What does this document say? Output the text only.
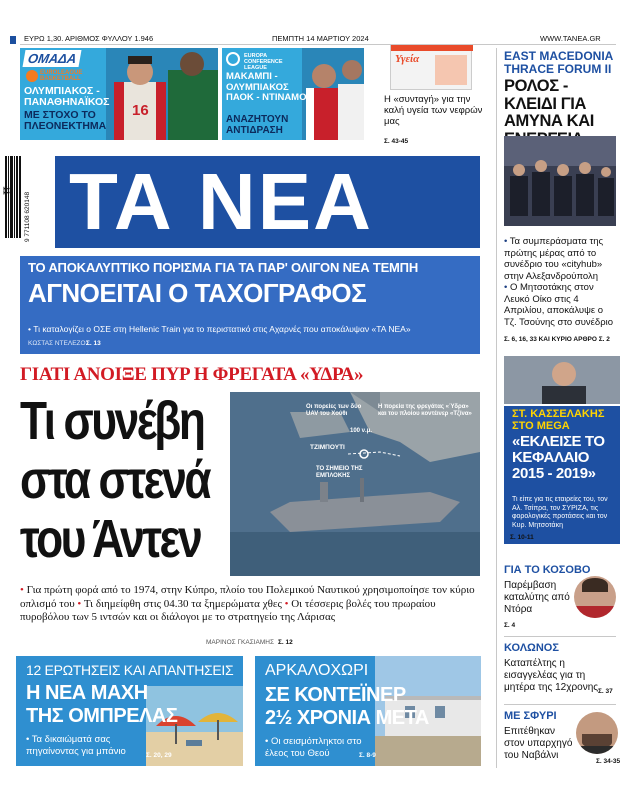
ΕΥΡΩ 1,30. ΑΡΙΘΜΟΣ ΦΥΛΛΟΥ 1.946	ΠΕΜΠΤΗ 14 ΜΑΡΤΙΟΥ 2024	WWW.TANEA.GR
16
ΟΜΑΔΑ
EUROLEAGUE BASKETBALL
ΟΛΥΜΠΙΑΚΟΣ - ΠΑΝΑΘΗΝΑΪΚΟΣ
ΜΕ ΣΤΟΧΟ ΤΟ ΠΛΕΟΝΕΚΤΗΜΑ
EUROPA CONFERENCE LEAGUE
ΜΑΚΑΜΠΙ - ΟΛΥΜΠΙΑΚΟΣ ΠΑΟΚ - ΝΤΙΝΑΜΟ
ΑΝΑΖΗΤΟΥΝ ΑΝΤΙΔΡΑΣΗ
Υγεία
Η «συνταγή» για την καλή υγεία των νεφρών μας
Σ. 43-45
9 771108 620148
11 ΤΑ ΝΕΑ
ΤΟ ΑΠΟΚΑΛΥΠΤΙΚΟ ΠΟΡΙΣΜΑ ΓΙΑ ΤΑ ΠΑΡ' ΟΛΙΓΟΝ ΝΕΑ ΤΕΜΠΗ
ΑΓΝΟΕΙΤΑΙ Ο ΤΑΧΟΓΡΑΦΟΣ
• Τι καταλογίζει ο ΟΣΕ στη Hellenic Train για το περιστατικό στις Αχαρνές που αποκάλυψαν «ΤΑ ΝΕΑ»
ΚΩΣΤΑΣ ΝΤΕΛΕΖΟΣ
Σ. 13
ΓΙΑΤΙ ΑΝΟΙΞΕ ΠΥΡ Η ΦΡΕΓΑΤΑ «ΥΔΡΑ»
Οι πορείες των δύο UAV του Χούθι
Η πορεία της φρεγάτας «Ύδρα» και του πλοίου κοντέινερ «Τζίνα»
ΤΖΙΜΠΟΥΤΙ
ΤΟ ΣΗΜΕΙΟ ΤΗΣ ΕΜΠΛΟΚΗΣ
100 ν.μ.
Τι συνέβη
στα στενά
του Άντεν
• Για πρώτη φορά από το 1974, στην Κύπρο, πλοίο του Πολεμικού Ναυτικού χρησιμοποίησε τον κύριο οπλισμό του • Τι διημείφθη στις 04.30 τα ξημερώματα χθες • Οι τέσσερις βολές του πρωραίου πυροβόλου των 5 ιντσών και οι διάλογοι με το στρατηγείο της Λάρισας
ΜΑΡΙΝΟΣ ΓΚΑΣΙΑΜΗΣ Σ. 12
12 ΕΡΩΤΗΣΕΙΣ ΚΑΙ ΑΠΑΝΤΗΣΕΙΣ
Η ΝΕΑ ΜΑΧΗ
ΤΗΣ ΟΜΠΡΕΛΑΣ
• Τα δικαιώματά σας πηγαίνοντας για μπάνιο	Σ. 20, 29
ΑΡΚΑΛΟΧΩΡΙ
ΣΕ ΚΟΝΤΕΪΝΕΡ
2½ ΧΡΟΝΙΑ ΜΕΤΑ
• Οι σεισμόπληκτοι στο έλεος του Θεού	Σ. 8-9
EAST MACEDONIA THRACE FORUM II
ΡΟΛΟΣ - ΚΛΕΙΔΙ ΓΙΑ ΑΜΥΝΑ ΚΑΙ
• Τα συμπεράσματα της πρώτης μέρας από το συνέδριο του «cityhub» στην Αλεξανδρούπολη
• Ο Μητσοτάκης στον Λευκό Οίκο στις 4 Απριλίου, αποκάλυψε ο Τζ. Τσούνης στο συνέδριο
Σ. 6, 16, 33 ΚΑΙ ΚΥΡΙΟ ΑΡΘΡΟ Σ. 2
ΣΤ. ΚΑΣΣΕΛΑΚΗΣ ΣΤΟ MEGA
«ΕΚΛΕΙΣΕ ΤΟ ΚΕΦΑΛΑΙΟ 2015 - 2019»
Τι είπε για τις εταιρείες του, τον Αλ. Τσίπρα, τον ΣΥΡΙΖΑ, τις φορολογικές προτάσεις και τον Κυρ. Μητσοτάκη
Σ. 10-11
ΓΙΑ ΤΟ ΚΟΣΟΒΟ
Παρέμβαση καταλύτης από Ντόρα
Σ. 4
ΚΟΛΩΝΟΣ
Καταπέλτης η εισαγγελέας για τη μητέρα της 12χρονης Σ. 37
ΜΕ ΣΦΥΡΙ
Επιτέθηκαν στον υπαρχηγό του Ναβάλνι
Σ. 34-35
